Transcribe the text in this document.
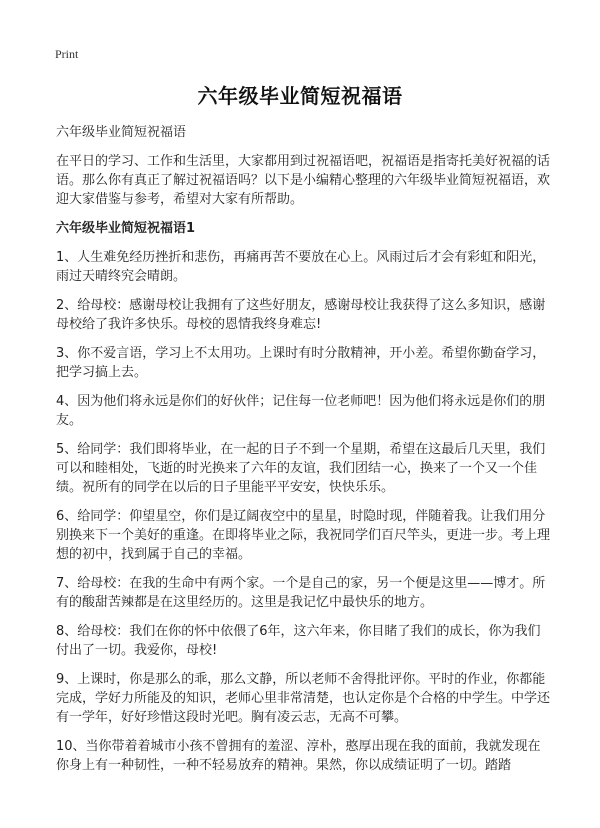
Print
六年级毕业简短祝福语

六年级毕业简短祝福语

在平日的学习、工作和生活里，大家都用到过祝福语吧，祝福语是指寄托美好祝福的话语。那么你有真正了解过祝福语吗？以下是小编精心整理的六年级毕业简短祝福语，欢迎大家借鉴与参考，希望对大家有所帮助。

六年级毕业简短祝福语1

1、人生难免经历挫折和悲伤，再痛再苦不要放在心上。风雨过后才会有彩虹和阳光，雨过天晴终究会晴朗。

2、给母校：感谢母校让我拥有了这些好朋友，感谢母校让我获得了这么多知识，感谢母校给了我许多快乐。母校的恩情我终身难忘!

3、你不爱言语，学习上不太用功。上课时有时分散精神，开小差。希望你勤奋学习，把学习搞上去。

4、因为他们将永远是你们的好伙伴；记住每一位老师吧！因为他们将永远是你们的朋友。

5、给同学：我们即将毕业，在一起的日子不到一个星期，希望在这最后几天里，我们可以和睦相处，飞逝的时光换来了六年的友谊，我们团结一心，换来了一个又一个佳绩。祝所有的同学在以后的日子里能平平安安，快快乐乐。

6、给同学：仰望星空，你们是辽阔夜空中的星星，时隐时现，伴随着我。让我们用分别换来下一个美好的重逢。在即将毕业之际，我祝同学们百尺竿头，更进一步。考上理想的初中，找到属于自己的幸福。

7、给母校：在我的生命中有两个家。一个是自己的家，另一个便是这里——博才。所有的酸甜苦辣都是在这里经历的。这里是我记忆中最快乐的地方。

8、给母校：我们在你的怀中依偎了6年，这六年来，你目睹了我们的成长，你为我们付出了一切。我爱你，母校!

9、上课时，你是那么的乖，那么文静，所以老师不舍得批评你。平时的作业，你都能完成，学好力所能及的知识，老师心里非常清楚，也认定你是个合格的中学生。中学还有一学年，好好珍惜这段时光吧。胸有凌云志，无高不可攀。

10、当你带着着城市小孩不曾拥有的羞涩、淳朴，憨厚出现在我的面前，我就发现在你身上有一种韧性，一种不轻易放弃的精神。果然，你以成绩证明了一切。踏踏
